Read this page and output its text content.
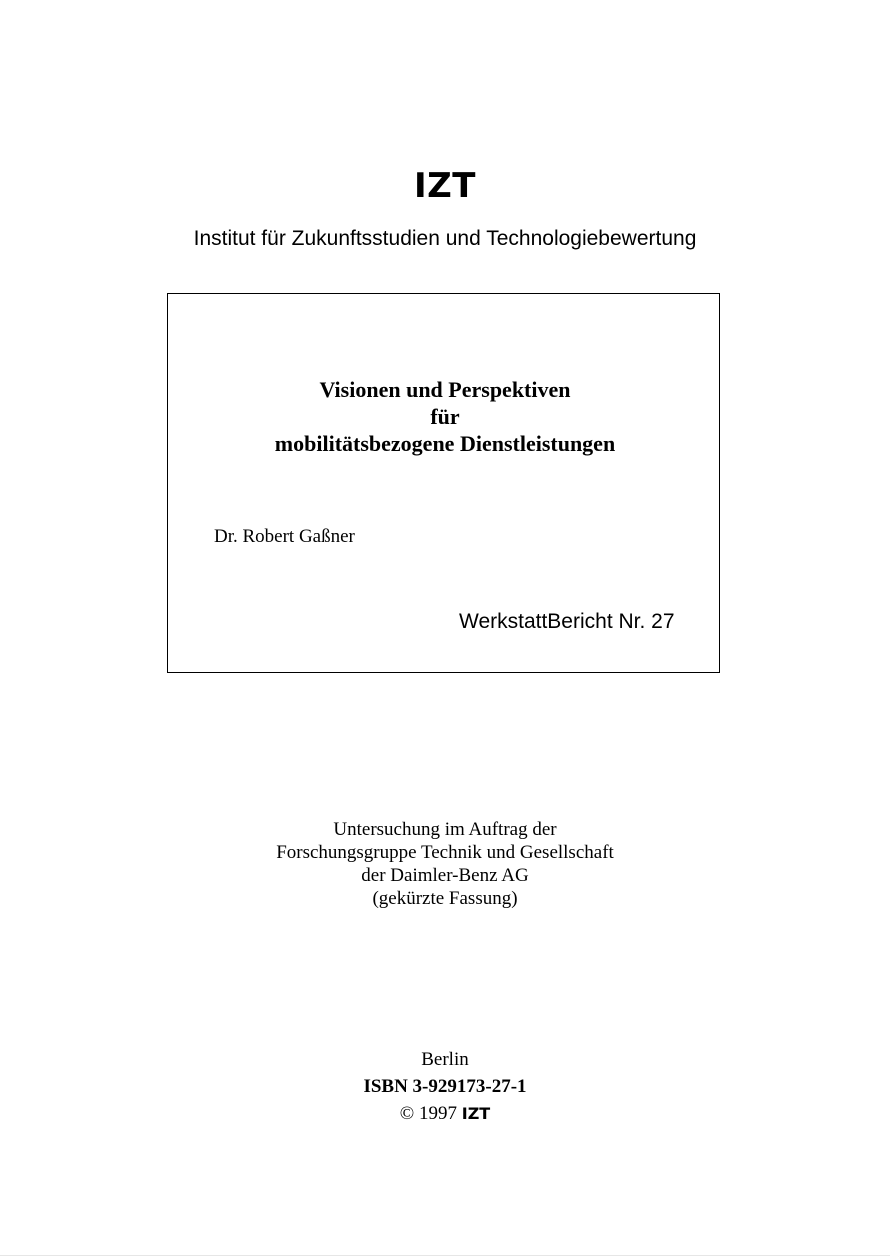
IZT
Institut für Zukunftsstudien und Technologiebewertung
Visionen und Perspektiven
für
mobilitätsbezogene Dienstleistungen
Dr. Robert Gaßner
WerkstattBericht Nr. 27
Untersuchung im Auftrag der
Forschungsgruppe Technik und Gesellschaft
der Daimler-Benz AG
(gekürzte Fassung)
Berlin
ISBN 3-929173-27-1
© 1997 IZT
